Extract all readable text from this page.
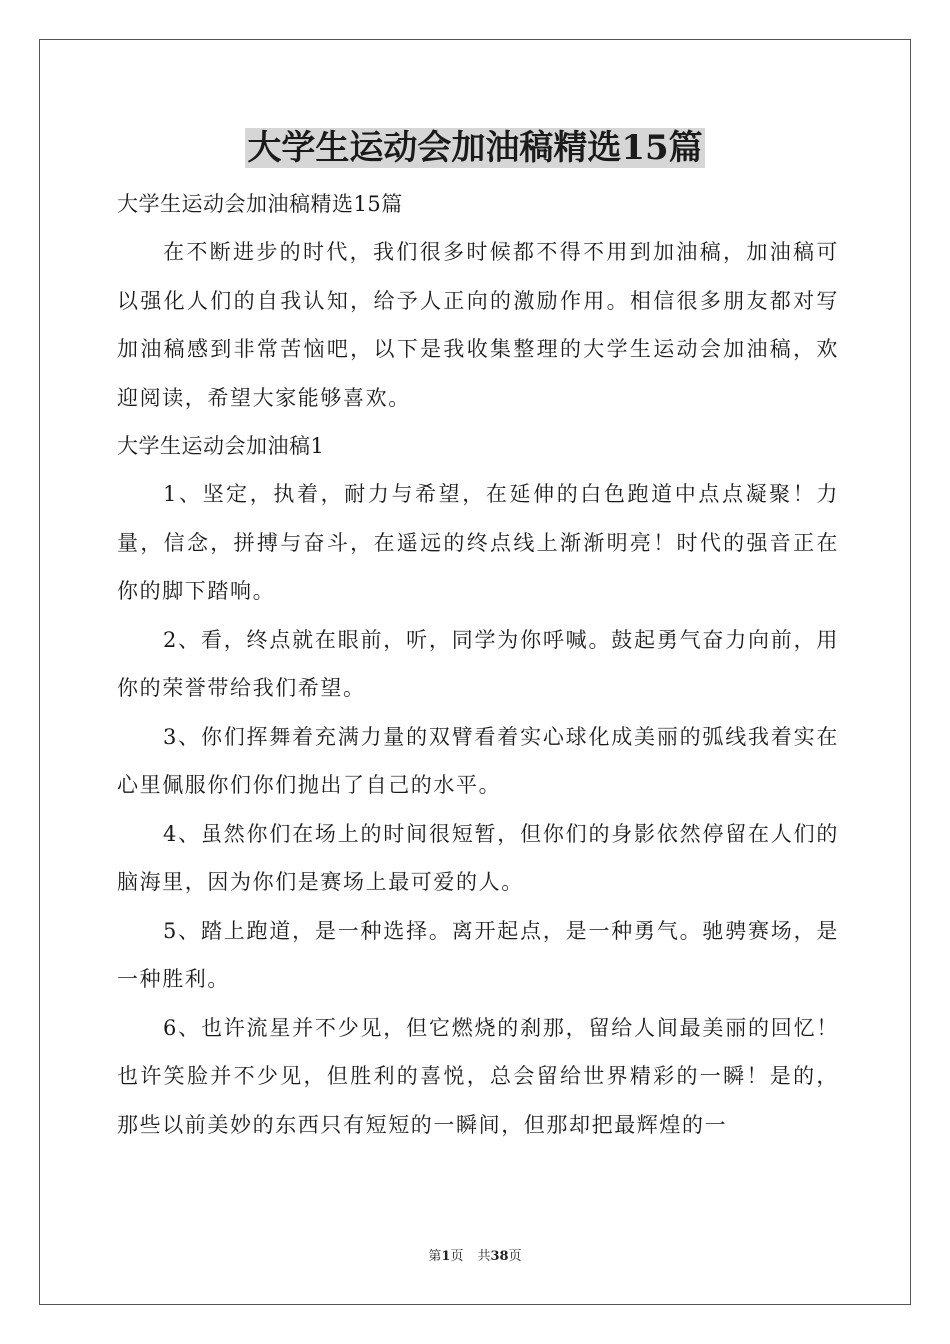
大学生运动会加油稿精选15篇
大学生运动会加油稿精选15篇

在不断进步的时代，我们很多时候都不得不用到加油稿，加油稿可以强化人们的自我认知，给予人正向的激励作用。相信很多朋友都对写加油稿感到非常苦恼吧，以下是我收集整理的大学生运动会加油稿，欢迎阅读，希望大家能够喜欢。

大学生运动会加油稿1

1、坚定，执着，耐力与希望，在延伸的白色跑道中点点凝聚！力量，信念，拼搏与奋斗，在遥远的终点线上渐渐明亮！时代的强音正在你的脚下踏响。

2、看，终点就在眼前，听，同学为你呼喊。鼓起勇气奋力向前，用你的荣誉带给我们希望。

3、你们挥舞着充满力量的双臂看着实心球化成美丽的弧线我着实在心里佩服你们你们抛出了自己的水平。

4、虽然你们在场上的时间很短暂，但你们的身影依然停留在人们的脑海里，因为你们是赛场上最可爱的人。

5、踏上跑道，是一种选择。离开起点，是一种勇气。驰骋赛场，是一种胜利。

6、也许流星并不少见，但它燃烧的刹那，留给人间最美丽的回忆！也许笑脸并不少见，但胜利的喜悦，总会留给世界精彩的一瞬！是的，那些以前美妙的东西只有短短的一瞬间，但那却把最辉煌的一

第1页 共38页
